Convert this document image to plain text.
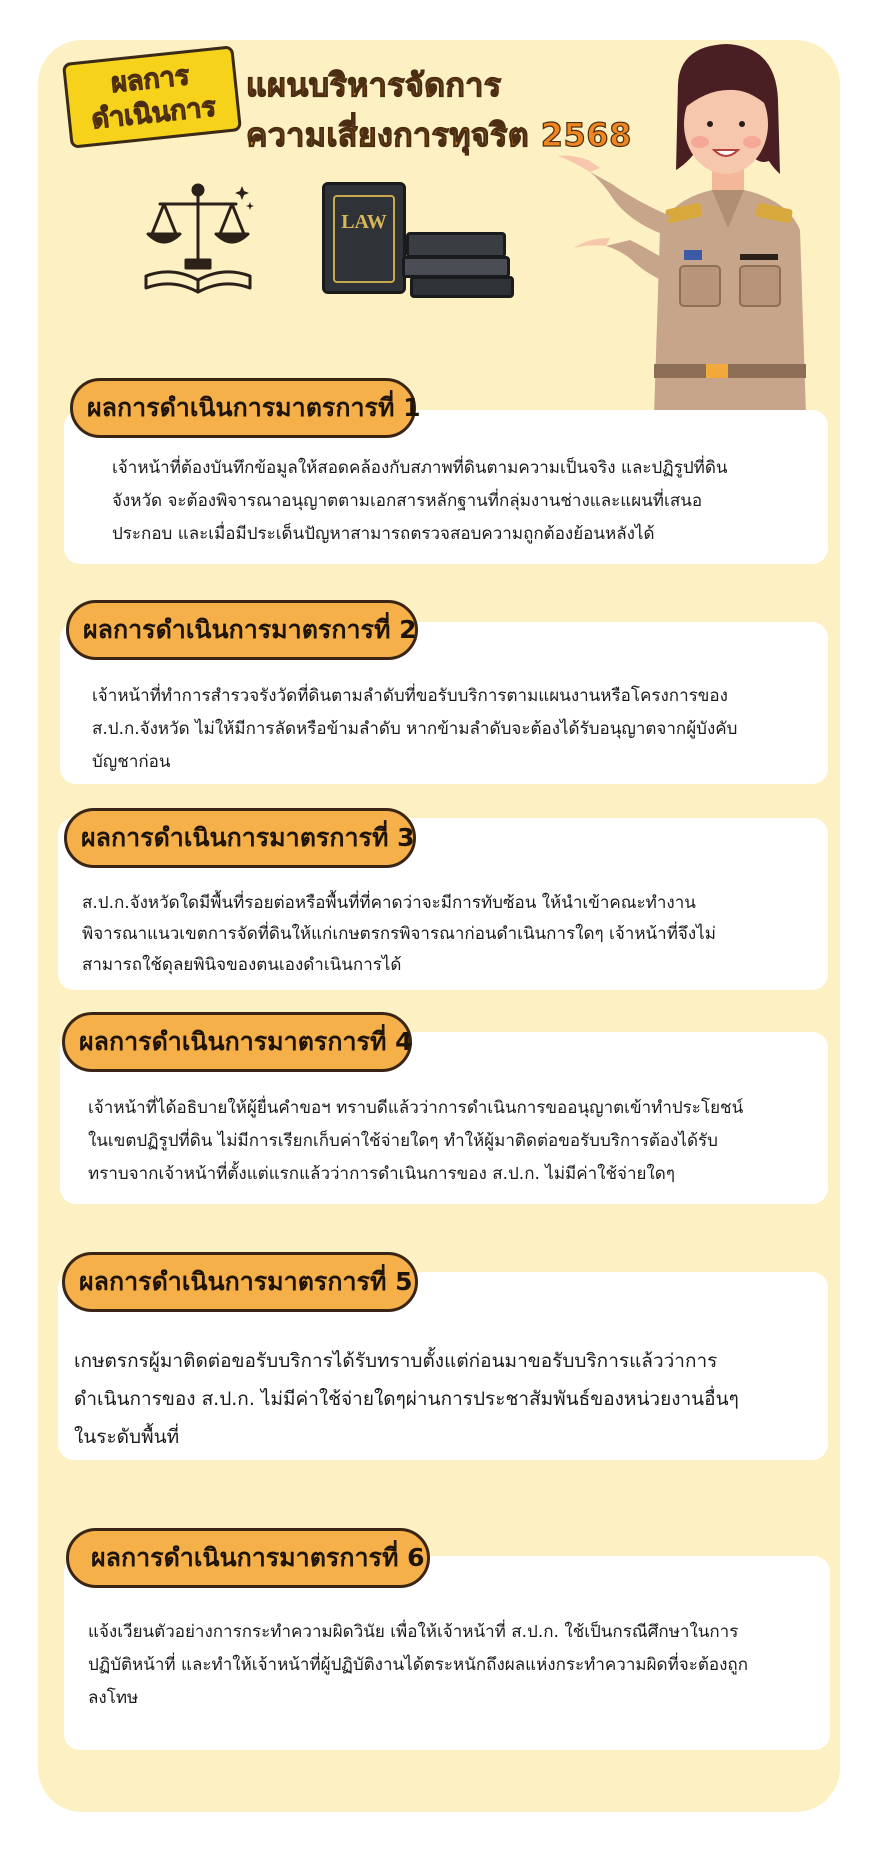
ผลการ
ดำเนินการ
แผนบริหารจัดการ
ความเสี่ยงการทุจริต 2568
LAW
ผลการดำเนินการมาตรการที่ 1

เจ้าหน้าที่ต้องบันทึกข้อมูลให้สอดคล้องกับสภาพที่ดินตามความเป็นจริง และปฏิรูปที่ดิน
จังหวัด จะต้องพิจารณาอนุญาตตามเอกสารหลักฐานที่กลุ่มงานช่างและแผนที่เสนอ
ประกอบ และเมื่อมีประเด็นปัญหาสามารถตรวจสอบความถูกต้องย้อนหลังได้

ผลการดำเนินการมาตรการที่ 2

เจ้าหน้าที่ทำการสำรวจรังวัดที่ดินตามลำดับที่ขอรับบริการตามแผนงานหรือโครงการของ
ส.ป.ก.จังหวัด ไม่ให้มีการลัดหรือข้ามลำดับ หากข้ามลำดับจะต้องได้รับอนุญาตจากผู้บังคับ
บัญชาก่อน

ผลการดำเนินการมาตรการที่ 3

ส.ป.ก.จังหวัดใดมีพื้นที่รอยต่อหรือพื้นที่ที่คาดว่าจะมีการทับซ้อน ให้นำเข้าคณะทำงาน
พิจารณาแนวเขตการจัดที่ดินให้แก่เกษตรกรพิจารณาก่อนดำเนินการใดๆ เจ้าหน้าที่จึงไม่
สามารถใช้ดุลยพินิจของตนเองดำเนินการได้

ผลการดำเนินการมาตรการที่ 4

เจ้าหน้าที่ได้อธิบายให้ผู้ยื่นคำขอฯ ทราบดีแล้วว่าการดำเนินการขออนุญาตเข้าทำประโยชน์
ในเขตปฏิรูปที่ดิน ไม่มีการเรียกเก็บค่าใช้จ่ายใดๆ ทำให้ผู้มาติดต่อขอรับบริการต้องได้รับ
ทราบจากเจ้าหน้าที่ตั้งแต่แรกแล้วว่าการดำเนินการของ ส.ป.ก. ไม่มีค่าใช้จ่ายใดๆ

ผลการดำเนินการมาตรการที่ 5

เกษตรกรผู้มาติดต่อขอรับบริการได้รับทราบตั้งแต่ก่อนมาขอรับบริการแล้วว่าการ
ดำเนินการของ ส.ป.ก. ไม่มีค่าใช้จ่ายใดๆผ่านการประชาสัมพันธ์ของหน่วยงานอื่นๆ
ในระดับพื้นที่

ผลการดำเนินการมาตรการที่ 6

แจ้งเวียนตัวอย่างการกระทำความผิดวินัย เพื่อให้เจ้าหน้าที่ ส.ป.ก. ใช้เป็นกรณีศึกษาในการ
ปฏิบัติหน้าที่ และทำให้เจ้าหน้าที่ผู้ปฏิบัติงานได้ตระหนักถึงผลแห่งกระทำความผิดที่จะต้องถูก
ลงโทษ
